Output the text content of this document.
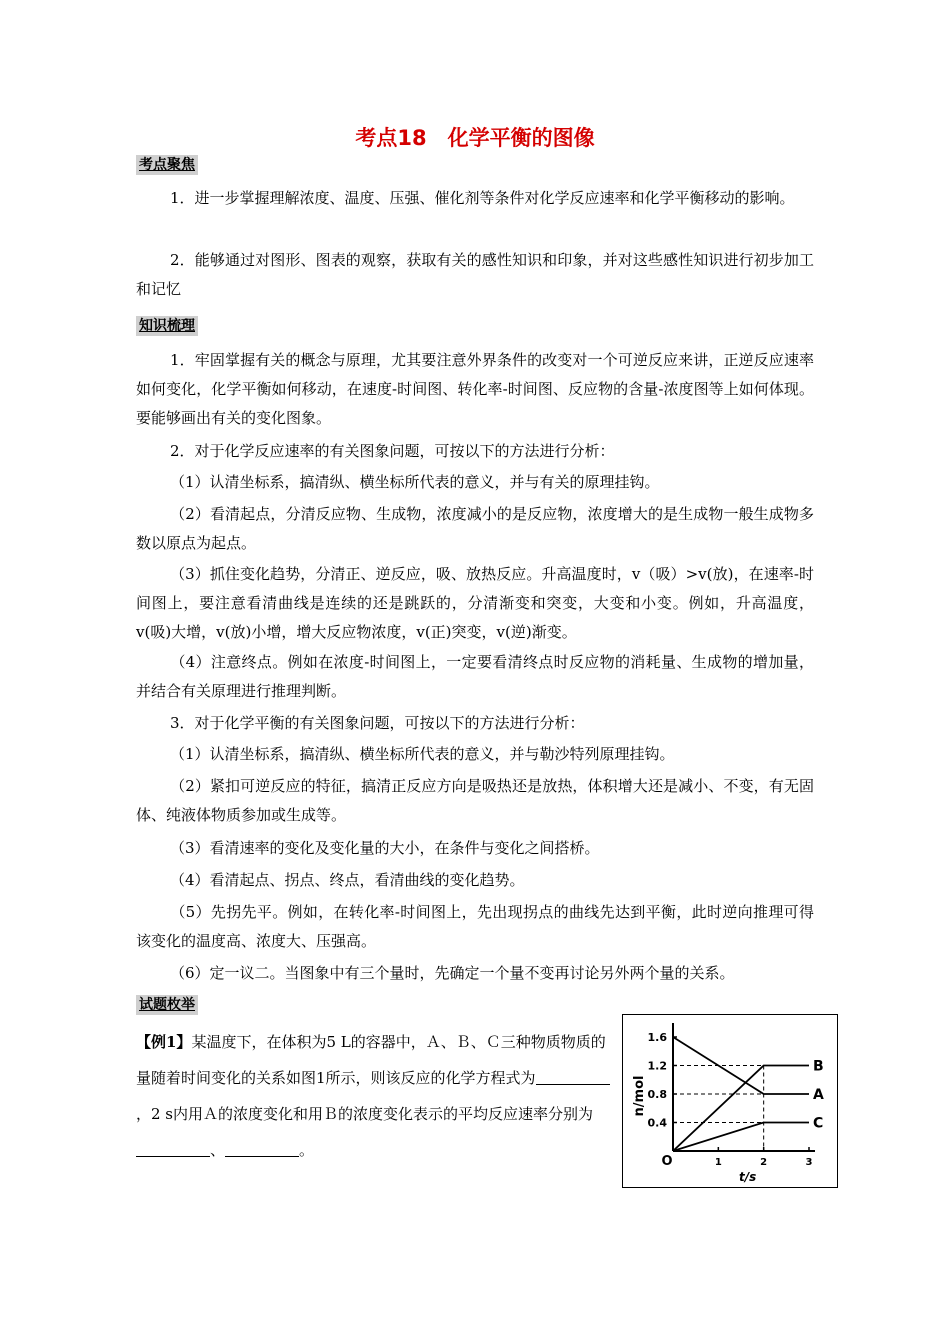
考点18　化学平衡的图像
考点聚焦
1．进一步掌握理解浓度、温度、压强、催化剂等条件对化学反应速率和化学平衡移动的影响。
2．能够通过对图形、图表的观察，获取有关的感性知识和印象，并对这些感性知识进行初步加工和记忆
知识梳理
1．牢固掌握有关的概念与原理，尤其要注意外界条件的改变对一个可逆反应来讲，正逆反应速率如何变化，化学平衡如何移动，在速度-时间图、转化率-时间图、反应物的含量-浓度图等上如何体现。要能够画出有关的变化图象。
2．对于化学反应速率的有关图象问题，可按以下的方法进行分析：
（1）认清坐标系，搞清纵、横坐标所代表的意义，并与有关的原理挂钩。
（2）看清起点，分清反应物、生成物，浓度减小的是反应物，浓度增大的是生成物一般生成物多数以原点为起点。
（3）抓住变化趋势，分清正、逆反应，吸、放热反应。升高温度时，v（吸）>v(放)，在速率-时间图上，要注意看清曲线是连续的还是跳跃的，分清渐变和突变，大变和小变。例如，升高温度，v(吸)大增，v(放)小增，增大反应物浓度，v(正)突变，v(逆)渐变。
（4）注意终点。例如在浓度-时间图上，一定要看清终点时反应物的消耗量、生成物的增加量，并结合有关原理进行推理判断。
3．对于化学平衡的有关图象问题，可按以下的方法进行分析：
（1）认清坐标系，搞清纵、横坐标所代表的意义，并与勒沙特列原理挂钩。
（2）紧扣可逆反应的特征，搞清正反应方向是吸热还是放热，体积增大还是减小、不变，有无固体、纯液体物质参加或生成等。
（3）看清速率的变化及变化量的大小，在条件与变化之间搭桥。
（4）看清起点、拐点、终点，看清曲线的变化趋势。
（5）先拐先平。例如，在转化率-时间图上，先出现拐点的曲线先达到平衡，此时逆向推理可得该变化的温度高、浓度大、压强高。
（6）定一议二。当图象中有三个量时，先确定一个量不变再讨论另外两个量的关系。
试题枚举
【例1】某温度下，在体积为5 L的容器中，Ａ、Ｂ、Ｃ三种物质物质的量随着时间变化的关系如图1所示，则该反应的化学方程式为，2 s内用Ａ的浓度变化和用Ｂ的浓度变化表示的平均反应速率分别为、	。
0.4
0.8
1.2
1.6
O	1	2	3
t/s
n/mol	A
B
C
